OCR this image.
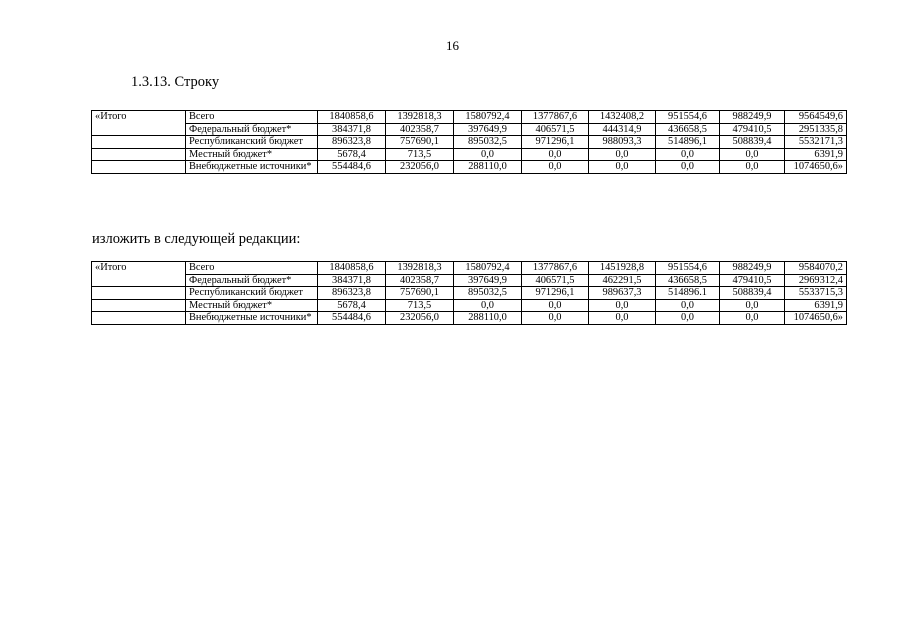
16
1.3.13. Строку
«Итого	Всего	1840858,6	1392818,3	1580792,4	1377867,6	1432408,2	951554,6	988249,9	9564549,6
	Федеральный бюджет*	384371,8	402358,7	397649,9	406571,5	444314,9	436658,5	479410,5	2951335,8
	Республиканский бюджет	896323,8	757690,1	895032,5	971296,1	988093,3	514896,1	508839,4	5532171,3
	Местный бюджет*	5678,4	713,5	0,0	0,0	0,0	0,0	0,0	6391,9
	Внебюджетные источники*	554484,6	232056,0	288110,0	0,0	0,0	0,0	0,0	1074650,6»
изложить в следующей редакции:
«Итого	Всего	1840858,6	1392818,3	1580792,4	1377867,6	1451928,8	951554,6	988249,9	9584070,2
	Федеральный бюджет*	384371,8	402358,7	397649,9	406571,5	462291,5	436658,5	479410,5	2969312,4
	Республиканский бюджет	896323,8	757690,1	895032,5	971296,1	989637,3	514896.1	508839,4	5533715,3
	Местный бюджет*	5678,4	713,5	0,0	0,0	0,0	0,0	0,0	6391,9
	Внебюджетные источники*	554484,6	232056,0	288110,0	0,0	0,0	0,0	0,0	1074650,6»
